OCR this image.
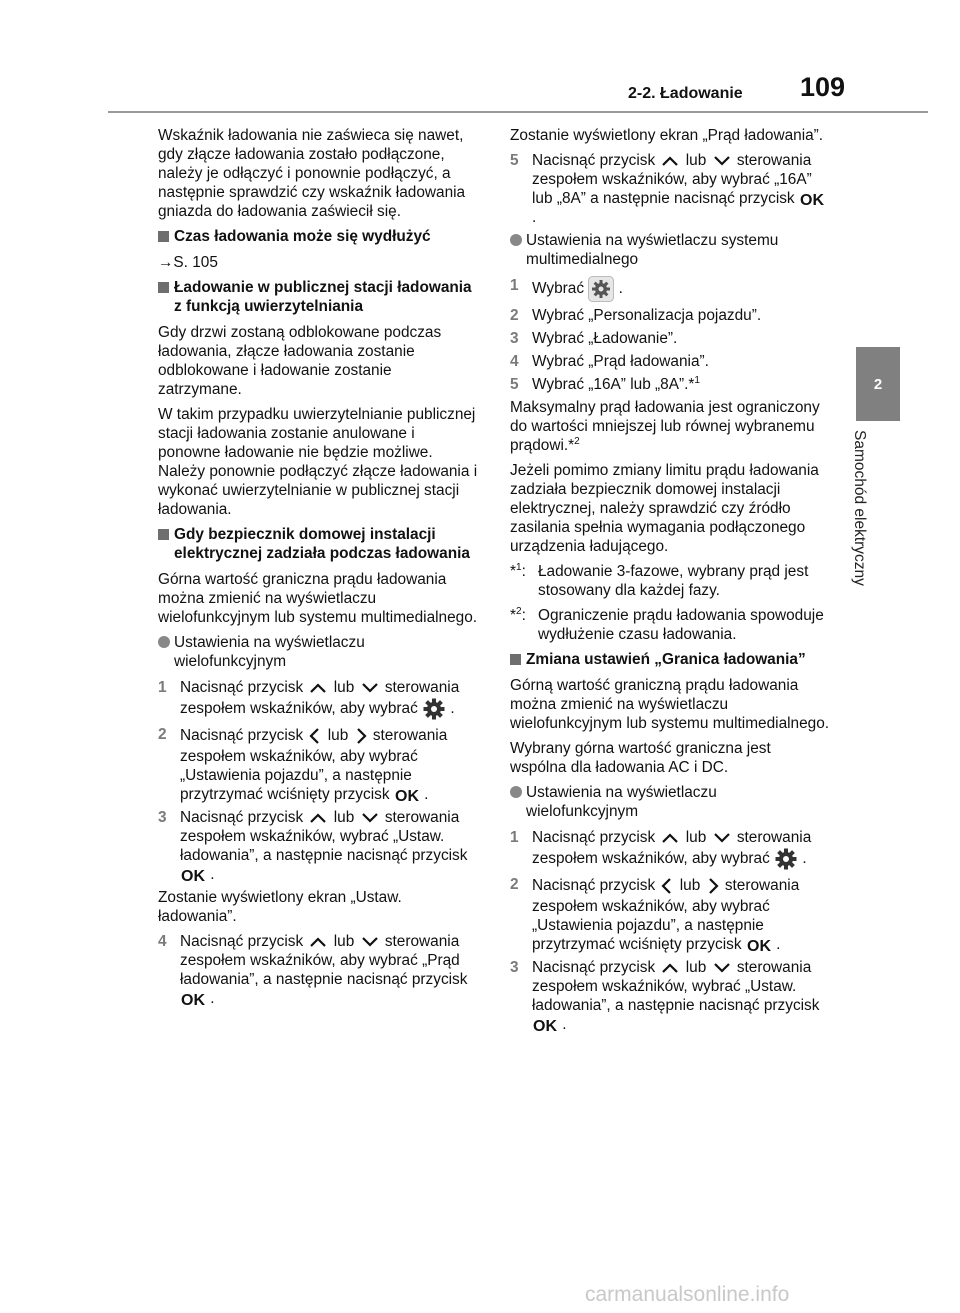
2-2. Ładowanie 109
2
Samochód elektryczny

Wskaźnik ładowania nie zaświeca się nawet, gdy złącze ładowania zostało podłączone, należy je odłączyć i ponownie podłączyć, a następnie sprawdzić czy wskaźnik ładowania gniazda do ładowania zaświecił się.

Czas ładowania może się wydłużyć

→S. 105

Ładowanie w publicznej stacji ładowania z funkcją uwierzytelniania

Gdy drzwi zostaną odblokowane podczas ładowania, złącze ładowania zostanie odblokowane i ładowanie zostanie zatrzymane.

W takim przypadku uwierzytelnianie publicznej stacji ładowania zostanie anulowane i ponowne ładowanie nie będzie możliwe. Należy ponownie podłączyć złącze ładowania i wykonać uwierzytelnianie w publicznej stacji ładowania.

Gdy bezpiecznik domowej instalacji elektrycznej zadziała podczas ładowania

Górna wartość graniczna prądu ładowania można zmienić na wyświetlaczu wielofunkcyjnym lub systemu multimedialnego.

Ustawienia na wyświetlaczu wielofunkcyjnym
1 Nacisnąć przycisk lub sterowania zespołem wskaźników, aby wybrać .
2 Nacisnąć przycisk lub sterowania zespołem wskaźników, aby wybrać „Ustawienia pojazdu”, a następnie przytrzymać wciśnięty przycisk OK .
3 Nacisnąć przycisk lub sterowania zespołem wskaźników, wybrać „Ustaw. ładowania”, a następnie nacisnąć przycisk
OK .

Zostanie wyświetlony ekran „Ustaw. ładowania”.

4 Nacisnąć przycisk lub sterowania zespołem wskaźników, aby wybrać „Prąd ładowania”, a następnie nacisnąć przycisk
OK .

Zostanie wyświetlony ekran „Prąd ładowania”.

5 Nacisnąć przycisk lub sterowania zespołem wskaźników, aby wybrać „16A” lub „8A” a następnie nacisnąć przycisk OK
.
Ustawienia na wyświetlaczu systemu multimedialnego
1 Wybrać .
2 Wybrać „Personalizacja pojazdu”.
3 Wybrać „Ładowanie”.
4 Wybrać „Prąd ładowania”.
5 Wybrać „16A” lub „8A”.*$^1$

Maksymalny prąd ładowania jest ograniczony do wartości mniejszej lub równej wybranemu prądowi.*$^2$

Jeżeli pomimo zmiany limitu prądu ładowania zadziała bezpiecznik domowej instalacji elektrycznej, należy sprawdzić czy źródło zasilania spełnia wymagania podłączonego urządzenia ładującego.

*$^1$: Ładowanie 3-fazowe, wybrany prąd jest stosowany dla każdej fazy.
*$^2$: Ograniczenie prądu ładowania spowoduje wydłużenie czasu ładowania.
Zmiana ustawień „Granica ładowania”

Górną wartość graniczną prądu ładowania można zmienić na wyświetlaczu wielofunkcyjnym lub systemu multimedialnego.

Wybrany górna wartość graniczna jest wspólna dla ładowania AC i DC.

Ustawienia na wyświetlaczu wielofunkcyjnym
1 Nacisnąć przycisk lub sterowania zespołem wskaźników, aby wybrać .
2 Nacisnąć przycisk lub sterowania zespołem wskaźników, aby wybrać „Ustawienia pojazdu”, a następnie przytrzymać wciśnięty przycisk OK .
3 Nacisnąć przycisk lub sterowania zespołem wskaźników, wybrać „Ustaw. ładowania”, a następnie nacisnąć przycisk
OK .
carmanualsonline.info
